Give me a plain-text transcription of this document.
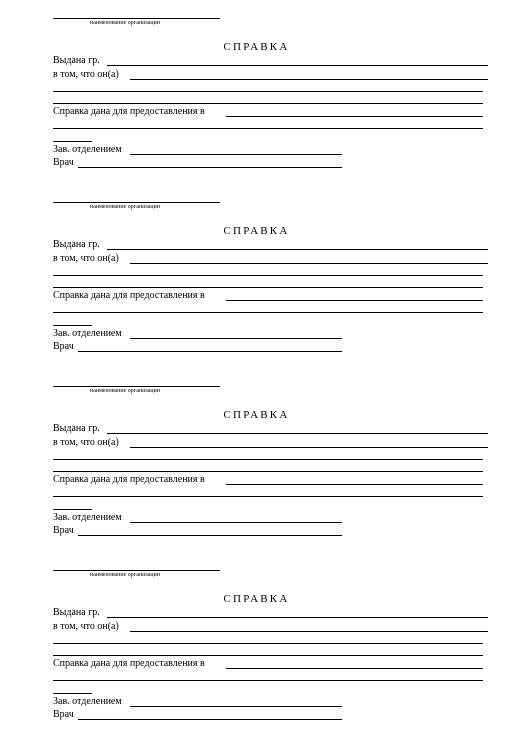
наименование организации
СПРАВКА
Выдана гр.
в том, что он(а)
Справка дана для предоставления в
Зав. отделением
Врач
наименование организации
СПРАВКА
Выдана гр.
в том, что он(а)
Справка дана для предоставления в
Зав. отделением
Врач
наименование организации
СПРАВКА
Выдана гр.
в том, что он(а)
Справка дана для предоставления в
Зав. отделением
Врач
наименование организации
СПРАВКА
Выдана гр.
в том, что он(а)
Справка дана для предоставления в
Зав. отделением
Врач
